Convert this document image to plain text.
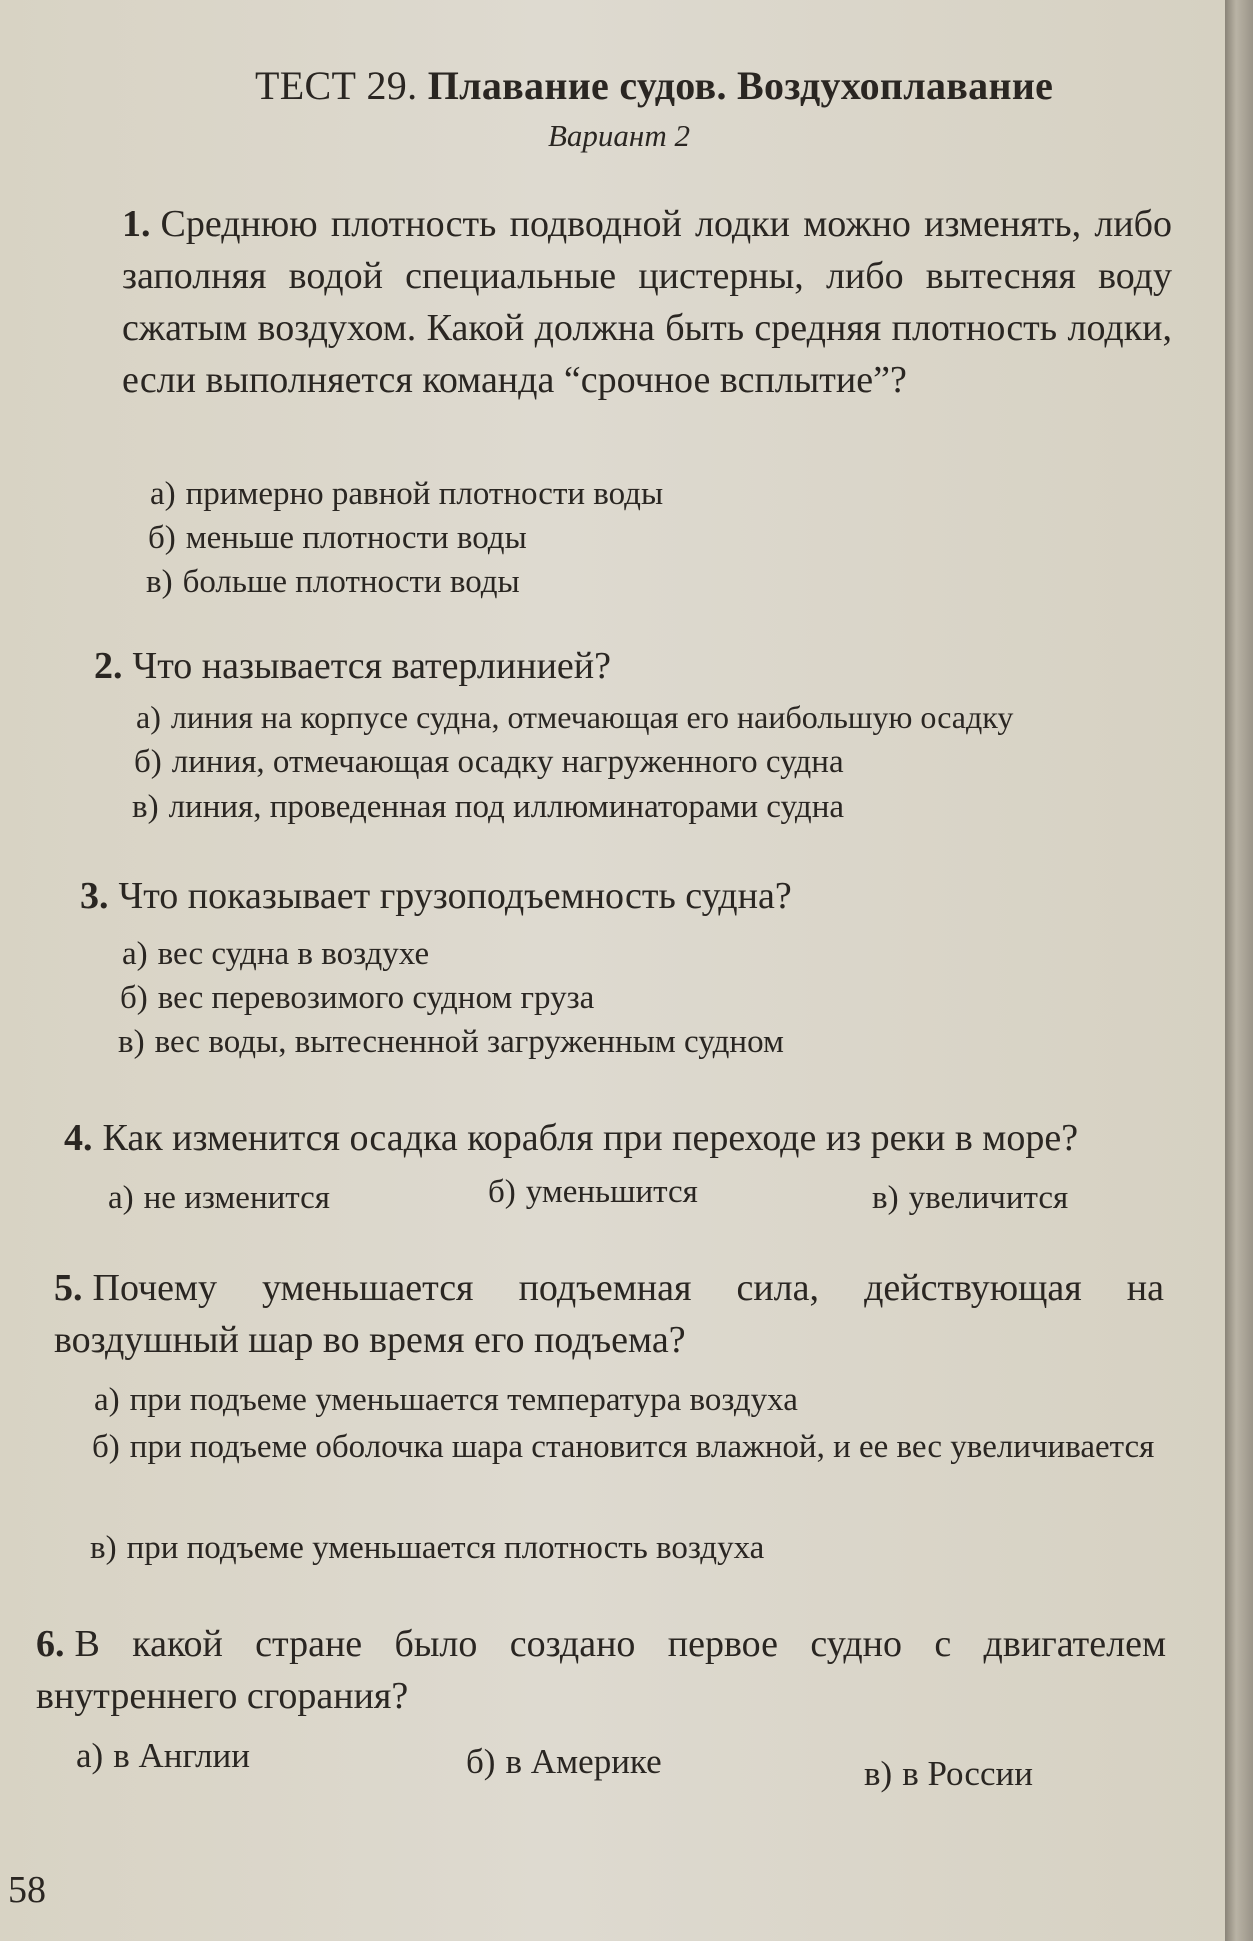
ТЕСТ 29. Плавание судов. Воздухоплавание
Вариант 2
1. Среднюю плотность подводной лодки можно изменять, либо заполняя водой специальные цистерны, либо вытесняя воду сжатым воздухом. Какой должна быть средняя плотность лодки, если выполняется команда “срочное всплытие”?
а) примерно равной плотности воды
б) меньше плотности воды
в) больше плотности воды
2. Что называется ватерлинией?
а) линия на корпусе судна, отмечающая его наибольшую осадку
б) линия, отмечающая осадку нагруженного судна
в) линия, проведенная под иллюминаторами судна
3. Что показывает грузоподъемность судна?
а) вес судна в воздухе
б) вес перевозимого судном груза
в) вес воды, вытесненной загруженным судном
4. Как изменится осадка корабля при переходе из реки в море?
а) не изменится	б) уменьшится	в) увеличится
5. Почему уменьшается подъемная сила, действующая на воздушный шар во время его подъема?
а) при подъеме уменьшается температура воздуха
б) при подъеме оболочка шара становится влажной, и ее вес увеличивается
в) при подъеме уменьшается плотность воздуха
6. В какой стране было создано первое судно с двигателем внутреннего сгорания?
а) в Англии	б) в Америке	в) в России
58
